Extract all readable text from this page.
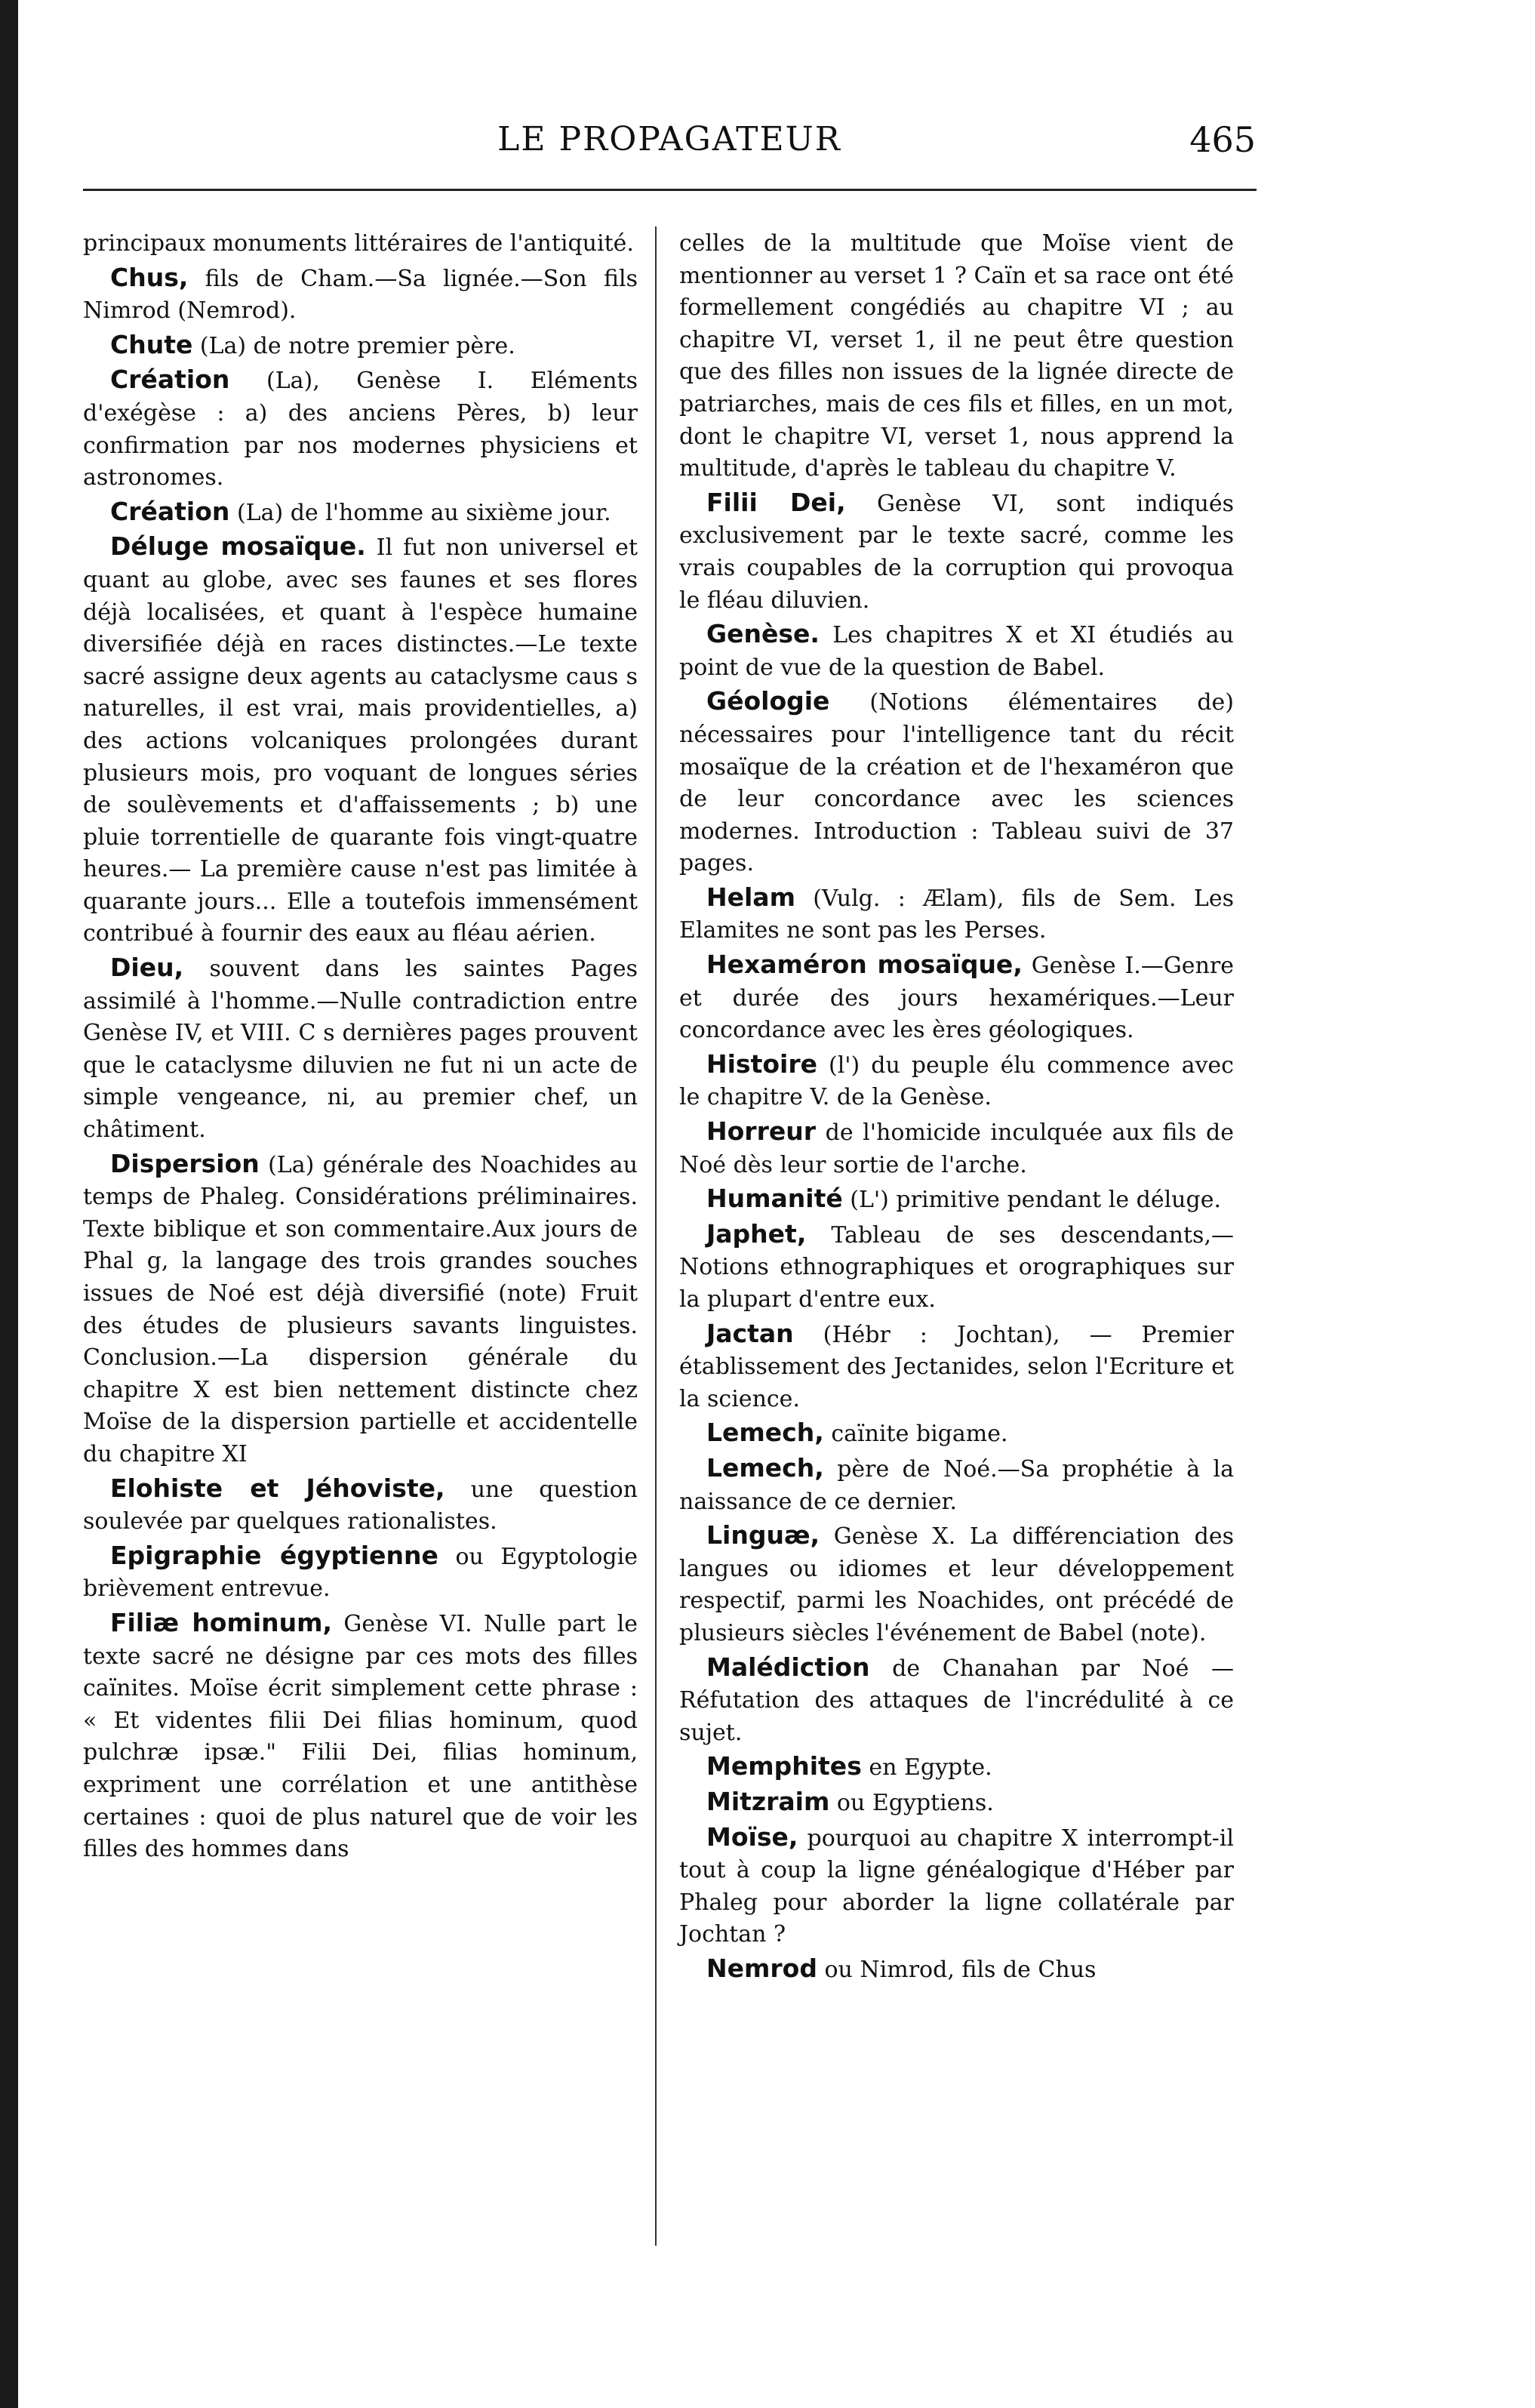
LE PROPAGATEUR	465

principaux monuments littéraires de l'antiquité.

Chus, fils de Cham.—Sa lignée.—Son fils Nimrod (Nemrod).

Chute (La) de notre premier père.

Création (La), Genèse I. Eléments d'exégèse : a) des anciens Pères, b) leur confirmation par nos modernes physiciens et astronomes.

Création (La) de l'homme au sixième jour.

Déluge mosaïque. Il fut non universel et quant au globe, avec ses faunes et ses flores déjà localisées, et quant à l'espèce humaine diversifiée déjà en races distinctes.—Le texte sacré assigne deux agents au cataclysme caus s naturelles, il est vrai, mais providentielles, a) des actions volcaniques prolongées durant plusieurs mois, pro voquant de longues séries de soulèvements et d'affaissements ; b) une pluie torrentielle de quarante fois vingt-quatre heures.— La première cause n'est pas limitée à quarante jours... Elle a toutefois immensément contribué à fournir des eaux au fléau aérien.

Dieu, souvent dans les saintes Pages assimilé à l'homme.—Nulle contradiction entre Genèse IV, et VIII. C s dernières pages prouvent que le cataclysme diluvien ne fut ni un acte de simple vengeance, ni, au premier chef, un châtiment.

Dispersion (La) générale des Noachides au temps de Phaleg. Considérations préliminaires. Texte biblique et son commentaire.Aux jours de Phal g, la langage des trois grandes souches issues de Noé est déjà diversifié (note) Fruit des études de plusieurs savants linguistes. Conclusion.—La dispersion générale du chapitre X est bien nettement distincte chez Moïse de la dispersion partielle et accidentelle du chapitre XI

Elohiste et Jéhoviste, une question soulevée par quelques rationalistes.

Epigraphie égyptienne ou Egyptologie brièvement entrevue.

Filiæ hominum, Genèse VI. Nulle part le texte sacré ne désigne par ces mots des filles caïnites. Moïse écrit simplement cette phrase : « Et videntes filii Dei filias hominum, quod pulchræ ipsæ." Filii Dei, filias hominum, expriment une corrélation et une antithèse certaines : quoi de plus naturel que de voir les filles des hommes dans

celles de la multitude que Moïse vient de mentionner au verset 1 ? Caïn et sa race ont été formellement congédiés au chapitre VI ; au chapitre VI, verset 1, il ne peut être question que des filles non issues de la lignée directe de patriarches, mais de ces fils et filles, en un mot, dont le chapitre VI, verset 1, nous apprend la multitude, d'après le tableau du chapitre V.

Filii Dei, Genèse VI, sont indiqués exclusivement par le texte sacré, comme les vrais coupables de la corruption qui provoqua le fléau diluvien.

Genèse. Les chapitres X et XI étudiés au point de vue de la question de Babel.

Géologie (Notions élémentaires de) nécessaires pour l'intelligence tant du récit mosaïque de la création et de l'hexaméron que de leur concordance avec les sciences modernes. Introduction : Tableau suivi de 37 pages.

Helam (Vulg. : Ælam), fils de Sem. Les Elamites ne sont pas les Perses.

Hexaméron mosaïque, Genèse I.—Genre et durée des jours hexamériques.—Leur concordance avec les ères géologiques.

Histoire (l') du peuple élu commence avec le chapitre V. de la Genèse.

Horreur de l'homicide inculquée aux fils de Noé dès leur sortie de l'arche.

Humanité (L') primitive pendant le déluge.

Japhet, Tableau de ses descendants,—Notions ethnographiques et orographiques sur la plupart d'entre eux.

Jactan (Hébr : Jochtan), — Premier établissement des Jectanides, selon l'Ecriture et la science.

Lemech, caïnite bigame.

Lemech, père de Noé.—Sa prophétie à la naissance de ce dernier.

Linguæ, Genèse X. La différenciation des langues ou idiomes et leur développement respectif, parmi les Noachides, ont précédé de plusieurs siècles l'événement de Babel (note).

Malédiction de Chanahan par Noé —Réfutation des attaques de l'incrédulité à ce sujet.

Memphites en Egypte.

Mitzraim ou Egyptiens.

Moïse, pourquoi au chapitre X interrompt-il tout à coup la ligne généalogique d'Héber par Phaleg pour aborder la ligne collatérale par Jochtan ?

Nemrod ou Nimrod, fils de Chus
